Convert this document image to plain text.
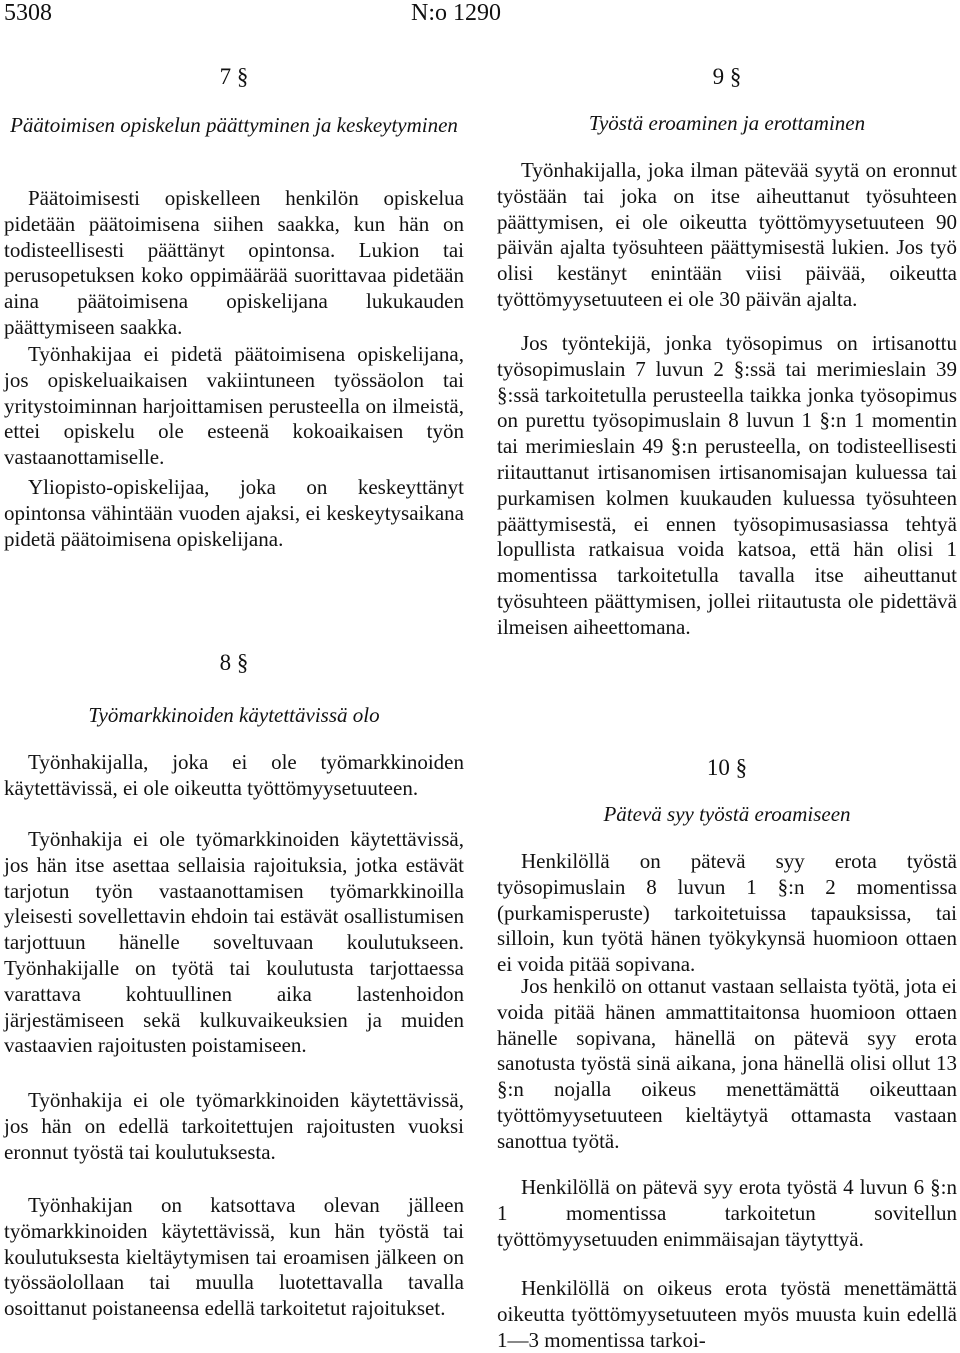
5308	N:o 1290
7 §
Päätoimisen opiskelun päättyminen ja keskeytyminen

Päätoimisesti opiskelleen henkilön opiskelua pidetään päätoimisena siihen saakka, kun hän on todisteellisesti päättänyt opintonsa. Lukion tai perusopetuksen koko oppimäärää suorittavaa pidetään aina päätoimisena opiskelijana lukukauden päättymiseen saakka.

Työnhakijaa ei pidetä päätoimisena opiskelijana, jos opiskeluaikaisen vakiintuneen työssäolon tai yritystoiminnan harjoittamisen perusteella on ilmeistä, ettei opiskelu ole esteenä kokoaikaisen työn vastaanottamiselle.

Yliopisto-opiskelijaa, joka on keskeyttänyt opintonsa vähintään vuoden ajaksi, ei keskeytysaikana pidetä päätoimisena opiskelijana.

8 §
Työmarkkinoiden käytettävissä olo

Työnhakijalla, joka ei ole työmarkkinoiden käytettävissä, ei ole oikeutta työttömyysetuuteen.

Työnhakija ei ole työmarkkinoiden käytettävissä, jos hän itse asettaa sellaisia rajoituksia, jotka estävät tarjotun työn vastaanottamisen työmarkkinoilla yleisesti sovellettavin ehdoin tai estävät osallistumisen tarjottuun hänelle soveltuvaan koulutukseen. Työnhakijalle on työtä tai koulutusta tarjottaessa varattava kohtuullinen aika lastenhoidon järjestämiseen sekä kulkuvaikeuksien ja muiden vastaavien rajoitusten poistamiseen.

Työnhakija ei ole työmarkkinoiden käytettävissä, jos hän on edellä tarkoitettujen rajoitusten vuoksi eronnut työstä tai koulutuksesta.

Työnhakijan on katsottava olevan jälleen työmarkkinoiden käytettävissä, kun hän työstä tai koulutuksesta kieltäytymisen tai eroamisen jälkeen on työssäolollaan tai muulla luotettavalla tavalla osoittanut poistaneensa edellä tarkoitetut rajoitukset.

9 §
Työstä eroaminen ja erottaminen

Työnhakijalla, joka ilman pätevää syytä on eronnut työstään tai joka on itse aiheuttanut työsuhteen päättymisen, ei ole oikeutta työttömyysetuuteen 90 päivän ajalta työsuhteen päättymisestä lukien. Jos työ olisi kestänyt enintään viisi päivää, oikeutta työttömyysetuuteen ei ole 30 päivän ajalta.

Jos työntekijä, jonka työsopimus on irtisanottu työsopimuslain 7 luvun 2 §:ssä tai merimieslain 39 §:ssä tarkoitetulla perusteella taikka jonka työsopimus on purettu työsopimuslain 8 luvun 1 §:n 1 momentin tai merimieslain 49 §:n perusteella, on todisteellisesti riitauttanut irtisanomisen irtisanomisajan kuluessa tai purkamisen kolmen kuukauden kuluessa työsuhteen päättymisestä, ei ennen työsopimusasiassa tehtyä lopullista ratkaisua voida katsoa, että hän olisi 1 momentissa tarkoitetulla tavalla itse aiheuttanut työsuhteen päättymisen, jollei riitautusta ole pidettävä ilmeisen aiheettomana.

10 §
Pätevä syy työstä eroamiseen

Henkilöllä on pätevä syy erota työstä työsopimuslain 8 luvun 1 §:n 2 momentissa (purkamisperuste) tarkoitetuissa tapauksissa, tai silloin, kun työtä hänen työkykynsä huomioon ottaen ei voida pitää sopivana.

Jos henkilö on ottanut vastaan sellaista työtä, jota ei voida pitää hänen ammattitaitonsa huomioon ottaen hänelle sopivana, hänellä on pätevä syy erota sanotusta työstä sinä aikana, jona hänellä olisi ollut 13 §:n nojalla oikeus menettämättä oikeuttaan työttömyysetuuteen kieltäytyä ottamasta vastaan sanottua työtä.

Henkilöllä on pätevä syy erota työstä 4 luvun 6 §:n 1 momentissa tarkoitetun sovitellun työttömyysetuuden enimmäisajan täytyttyä.

Henkilöllä on oikeus erota työstä menettämättä oikeutta työttömyysetuuteen myös muusta kuin edellä 1—3 momentissa tarkoi-
